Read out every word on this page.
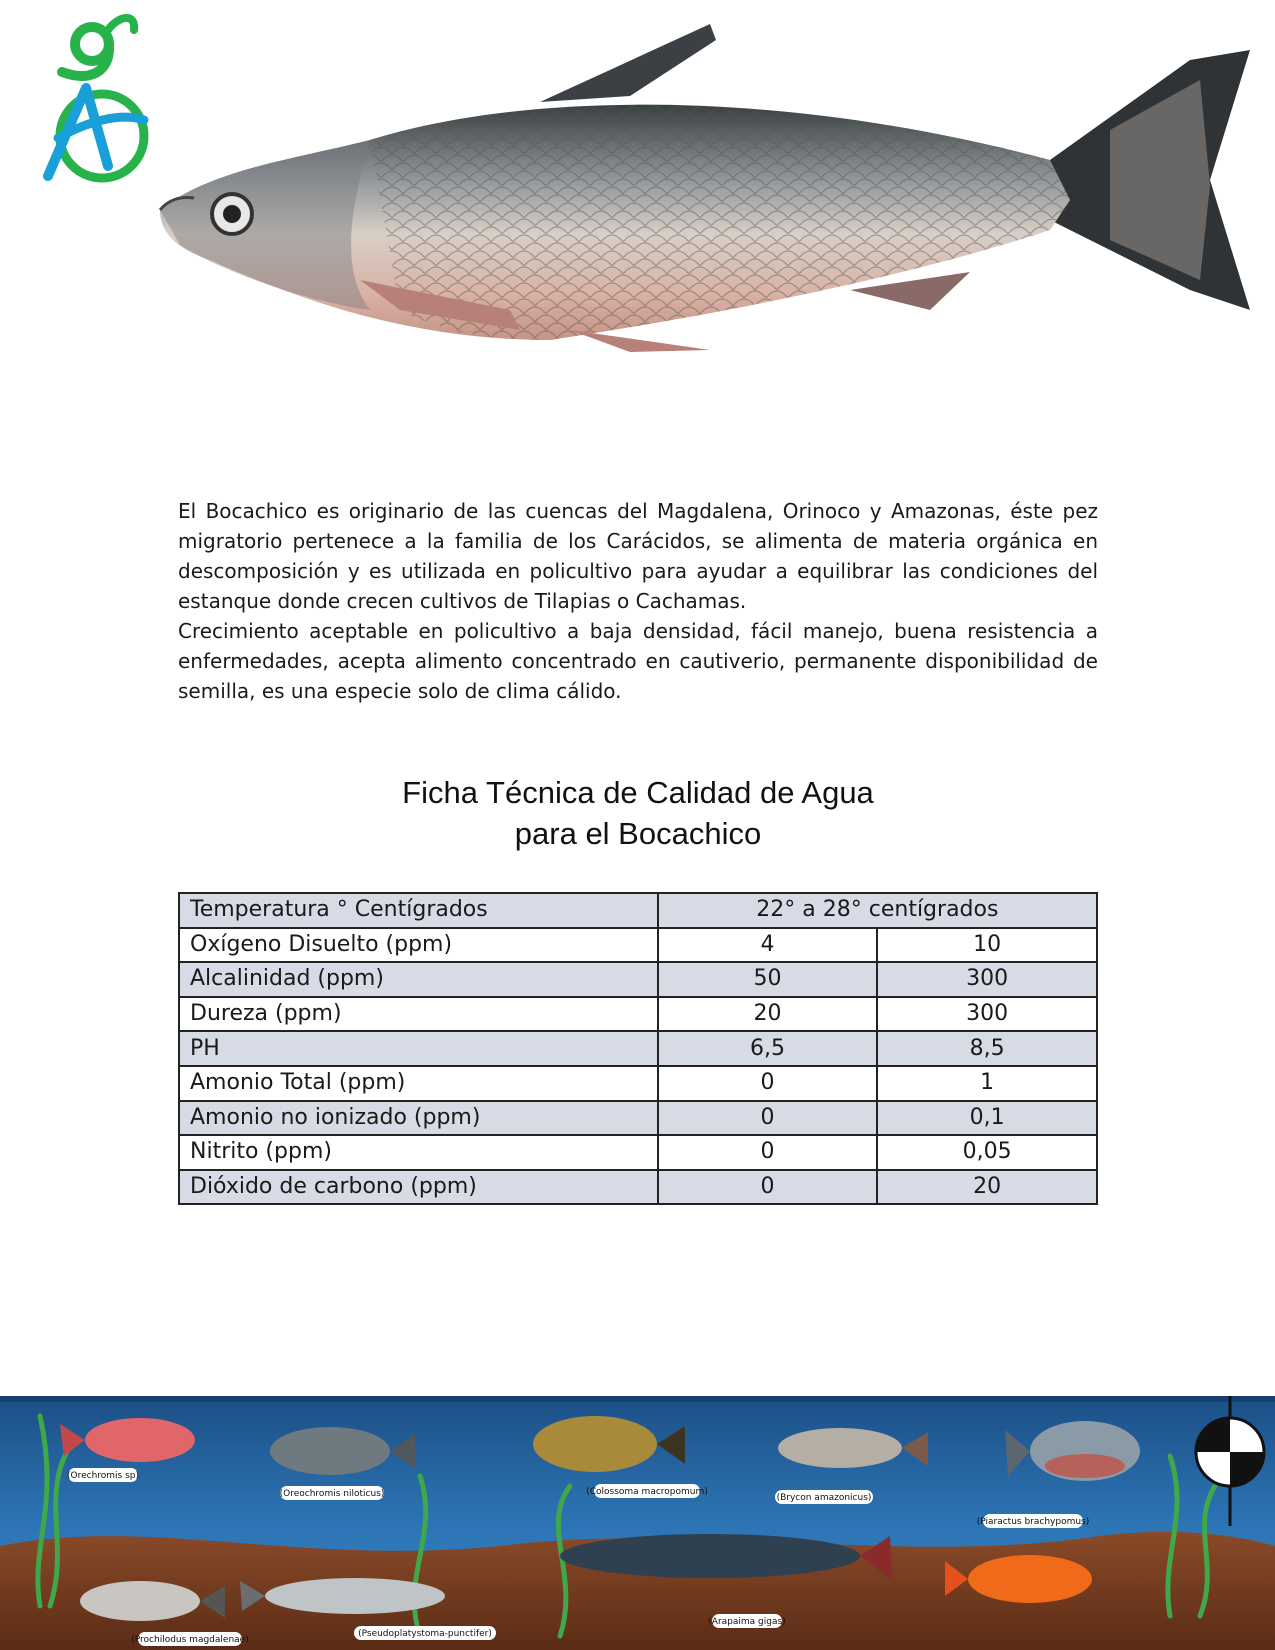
El Bocachico es originario de las cuencas del Magdalena, Orinoco y Amazonas, éste pez migratorio pertenece a la familia de los Carácidos, se alimenta de materia orgánica en descomposición y es utilizada en policultivo para ayudar a equilibrar las condiciones del estanque donde crecen cultivos de Tilapias o Cachamas.

Crecimiento aceptable en policultivo a baja densidad, fácil manejo, buena resistencia a enfermedades, acepta alimento concentrado en cautiverio, permanente disponibilidad de semilla, es una especie solo de clima cálido.

Ficha Técnica de Calidad de Agua
para el Bocachico
Temperatura ° Centígrados	22° a 28° centígrados	
Oxígeno Disuelto (ppm)	4	10
Alcalinidad (ppm)	50	300
Dureza (ppm)	20	300
PH	6,5	8,5
Amonio Total (ppm)	0	1
Amonio no ionizado (ppm)	0	0,1
Nitrito (ppm)	0	0,05
Dióxido de carbono (ppm)	0	20
(Orechromis sp)
(Oreochromis niloticus)	(Colossoma macropomum)
(Brycon amazonicus)
(Piaractus brachypomus)
(Prochilodus magdalenae)
(Pseudoplatystoma-punctifer)
(Arapaima gigas)
